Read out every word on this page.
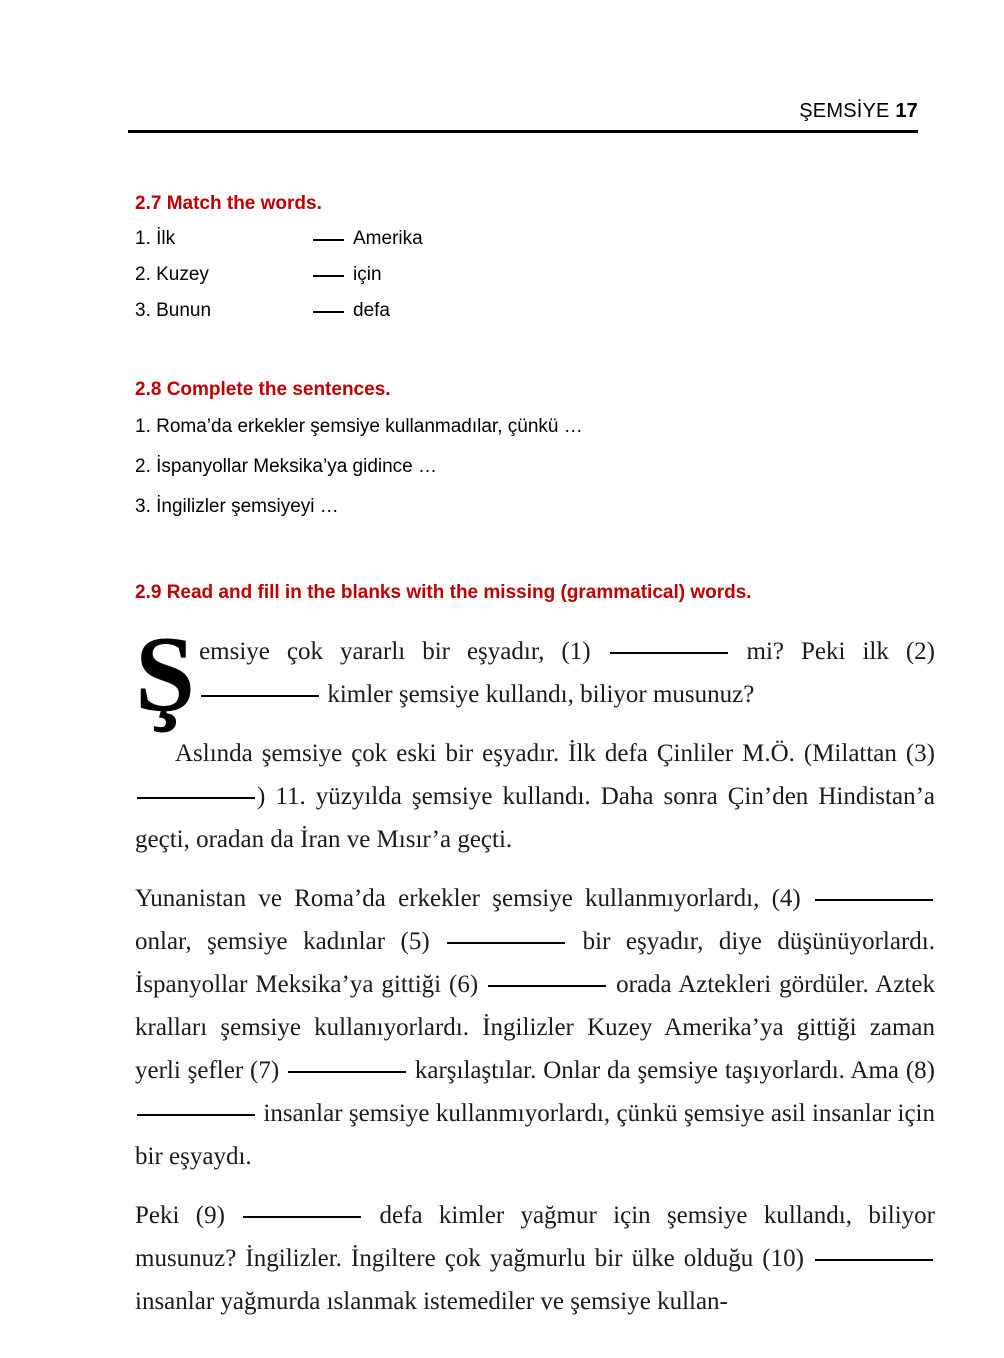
ŞEMSİYE 17
2.7 Match the words.
1. İlk	Amerika
2. Kuzey	için
3. Bunun	defa
2.8 Complete the sentences.
1. Roma’da erkekler şemsiye kullanmadılar, çünkü …
2. İspanyollar Meksika’ya gidince …
3. İngilizler şemsiyeyi …
2.9 Read and fill in the blanks with the missing (grammatical) words.

Şemsiye çok yararlı bir eşyadır, (1)	mi? Peki ilk (2)  kimler şemsiye kullandı, biliyor musunuz?

Aslında şemsiye çok eski bir eşyadır. İlk defa Çinliler M.Ö. (Milattan (3) ) 11. yüzyılda şemsiye kullandı. Daha sonra Çin’den Hindistan’a geçti, oradan da İran ve Mısır’a geçti.

Yunanistan ve Roma’da erkekler şemsiye kullanmıyorlardı, (4)  onlar, şemsiye kadınlar (5)	bir eşyadır, diye düşünüyorlardı. İspanyollar Meksika’ya gittiği (6)	orada Aztekleri gördüler. Aztek kralları şemsiye kullanıyorlardı. İngilizler Kuzey Amerika’ya gittiği zaman yerli şefler (7)	karşılaştılar. Onlar da şemsiye taşıyorlardı. Ama (8)  insanlar şemsiye kullanmıyorlardı, çünkü şemsiye asil insanlar için bir eşyaydı.

Peki (9)	defa kimler yağmur için şemsiye kullandı, biliyor musunuz? İngilizler. İngiltere çok yağmurlu bir ülke olduğu (10)  insanlar yağmurda ıslanmak istemediler ve şemsiye kullan-
